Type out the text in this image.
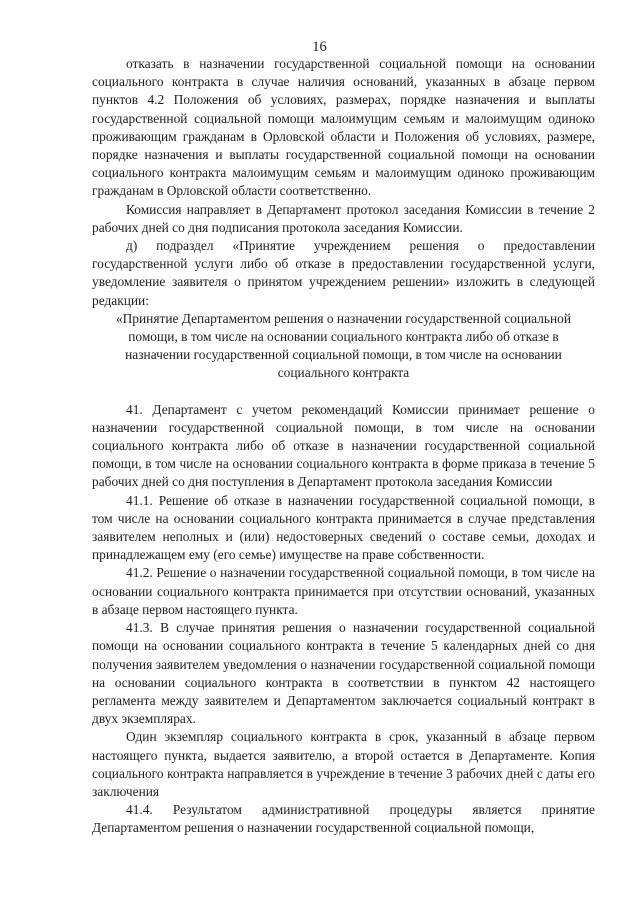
16

отказать в назначении государственной социальной помощи на основании социального контракта в случае наличия оснований, указанных в абзаце первом пунктов 4.2 Положения об условиях, размерах, порядке назначения и выплаты государственной социальной помощи малоимущим семьям и малоимущим одиноко проживающим гражданам в Орловской области и Положения об условиях, размере, порядке назначения и выплаты государственной социальной помощи на основании социального контракта малоимущим семьям и малоимущим одиноко проживающим гражданам в Орловской области соответственно.

Комиссия направляет в Департамент протокол заседания Комиссии в течение 2 рабочих дней со дня подписания протокола заседания Комиссии.

д) подраздел «Принятие учреждением решения о предоставлении государственной услуги либо об отказе в предоставлении государственной услуги, уведомление заявителя о принятом учреждением решении» изложить в следующей редакции:

«Принятие Департаментом решения о назначении государственной социальной помощи, в том числе на основании социального контракта либо об отказе в назначении государственной социальной помощи, в том числе на основании социального контракта

41. Департамент с учетом рекомендаций Комиссии принимает решение о назначении государственной социальной помощи, в том числе на основании социального контракта либо об отказе в назначении государственной социальной помощи, в том числе на основании социального контракта в форме приказа в течение 5 рабочих дней со дня поступления в Департамент протокола заседания Комиссии

41.1. Решение об отказе в назначении государственной социальной помощи, в том числе на основании социального контракта принимается в случае представления заявителем неполных и (или) недостоверных сведений о составе семьи, доходах и принадлежащем ему (его семье) имуществе на праве собственности.

41.2. Решение о назначении государственной социальной помощи, в том числе на основании социального контракта принимается при отсутствии оснований, указанных в абзаце первом настоящего пункта.

41.3. В случае принятия решения о назначении государственной социальной помощи на основании социального контракта в течение 5 календарных дней со дня получения заявителем уведомления о назначении государственной социальной помощи на основании социального контракта в соответствии в пунктом 42 настоящего регламента между заявителем и Департаментом заключается социальный контракт в двух экземплярах.

Один экземпляр социального контракта в срок, указанный в абзаце первом настоящего пункта, выдается заявителю, а второй остается в Департаменте. Копия социального контракта направляется в учреждение в течение 3 рабочих дней с даты его заключения

41.4. Результатом административной процедуры является принятие Департаментом решения о назначении государственной социальной помощи,
